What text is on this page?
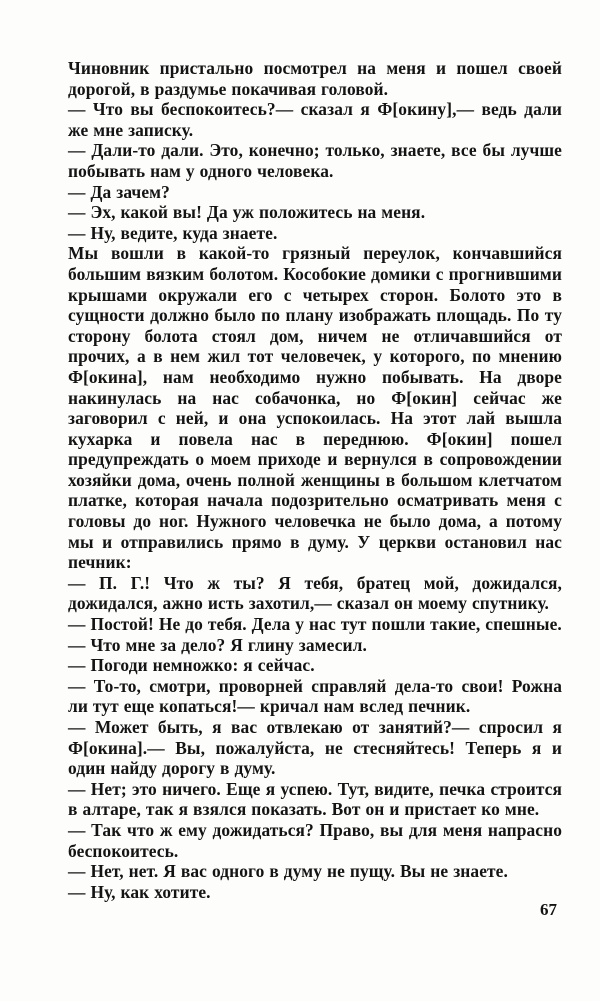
Чиновник пристально посмотрел на меня и пошел своей дорогой, в раздумье покачивая головой.

— Что вы беспокоитесь?— сказал я Ф[окину],— ведь дали же мне записку.

— Дали-то дали. Это, конечно; только, знаете, все бы лучше побывать нам у одного человека.

— Да зачем?

— Эх, какой вы! Да уж положитесь на меня.

— Ну, ведите, куда знаете.

Мы вошли в какой-то грязный переулок, кончавшийся большим вязким болотом. Кособокие домики с прогнившими крышами окружали его с четырех сторон. Болото это в сущности должно было по плану изображать площадь. По ту сторону болота стоял дом, ничем не отличавшийся от прочих, а в нем жил тот человечек, у которого, по мнению Ф[окина], нам необходимо нужно побывать. На дворе накинулась на нас собачонка, но Ф[окин] сейчас же заговорил с ней, и она успокоилась. На этот лай вышла кухарка и повела нас в переднюю. Ф[окин] пошел предупреждать о моем приходе и вернулся в сопровождении хозяйки дома, очень полной женщины в большом клетчатом платке, которая начала подозрительно осматривать меня с головы до ног. Нужного человечка не было дома, а потому мы и отправились прямо в думу. У церкви остановил нас печник:

— П. Г.! Что ж ты? Я тебя, братец мой, дожидался, дожидался, ажно исть захотил,— сказал он моему спутнику.

— Постой! Не до тебя. Дела у нас тут пошли такие, спешные.

— Что мне за дело? Я глину замесил.

— Погоди немножко: я сейчас.

— То-то, смотри, проворней справляй дела-то свои! Рожна ли тут еще копаться!— кричал нам вслед печник.

— Может быть, я вас отвлекаю от занятий?— спросил я Ф[окина].— Вы, пожалуйста, не стесняйтесь! Теперь я и один найду дорогу в думу.

— Нет; это ничего. Еще я успею. Тут, видите, печка строится в алтаре, так я взялся показать. Вот он и пристает ко мне.

— Так что ж ему дожидаться? Право, вы для меня напрасно беспокоитесь.

— Нет, нет. Я вас одного в думу не пущу. Вы не знаете.

— Ну, как хотите.

67
